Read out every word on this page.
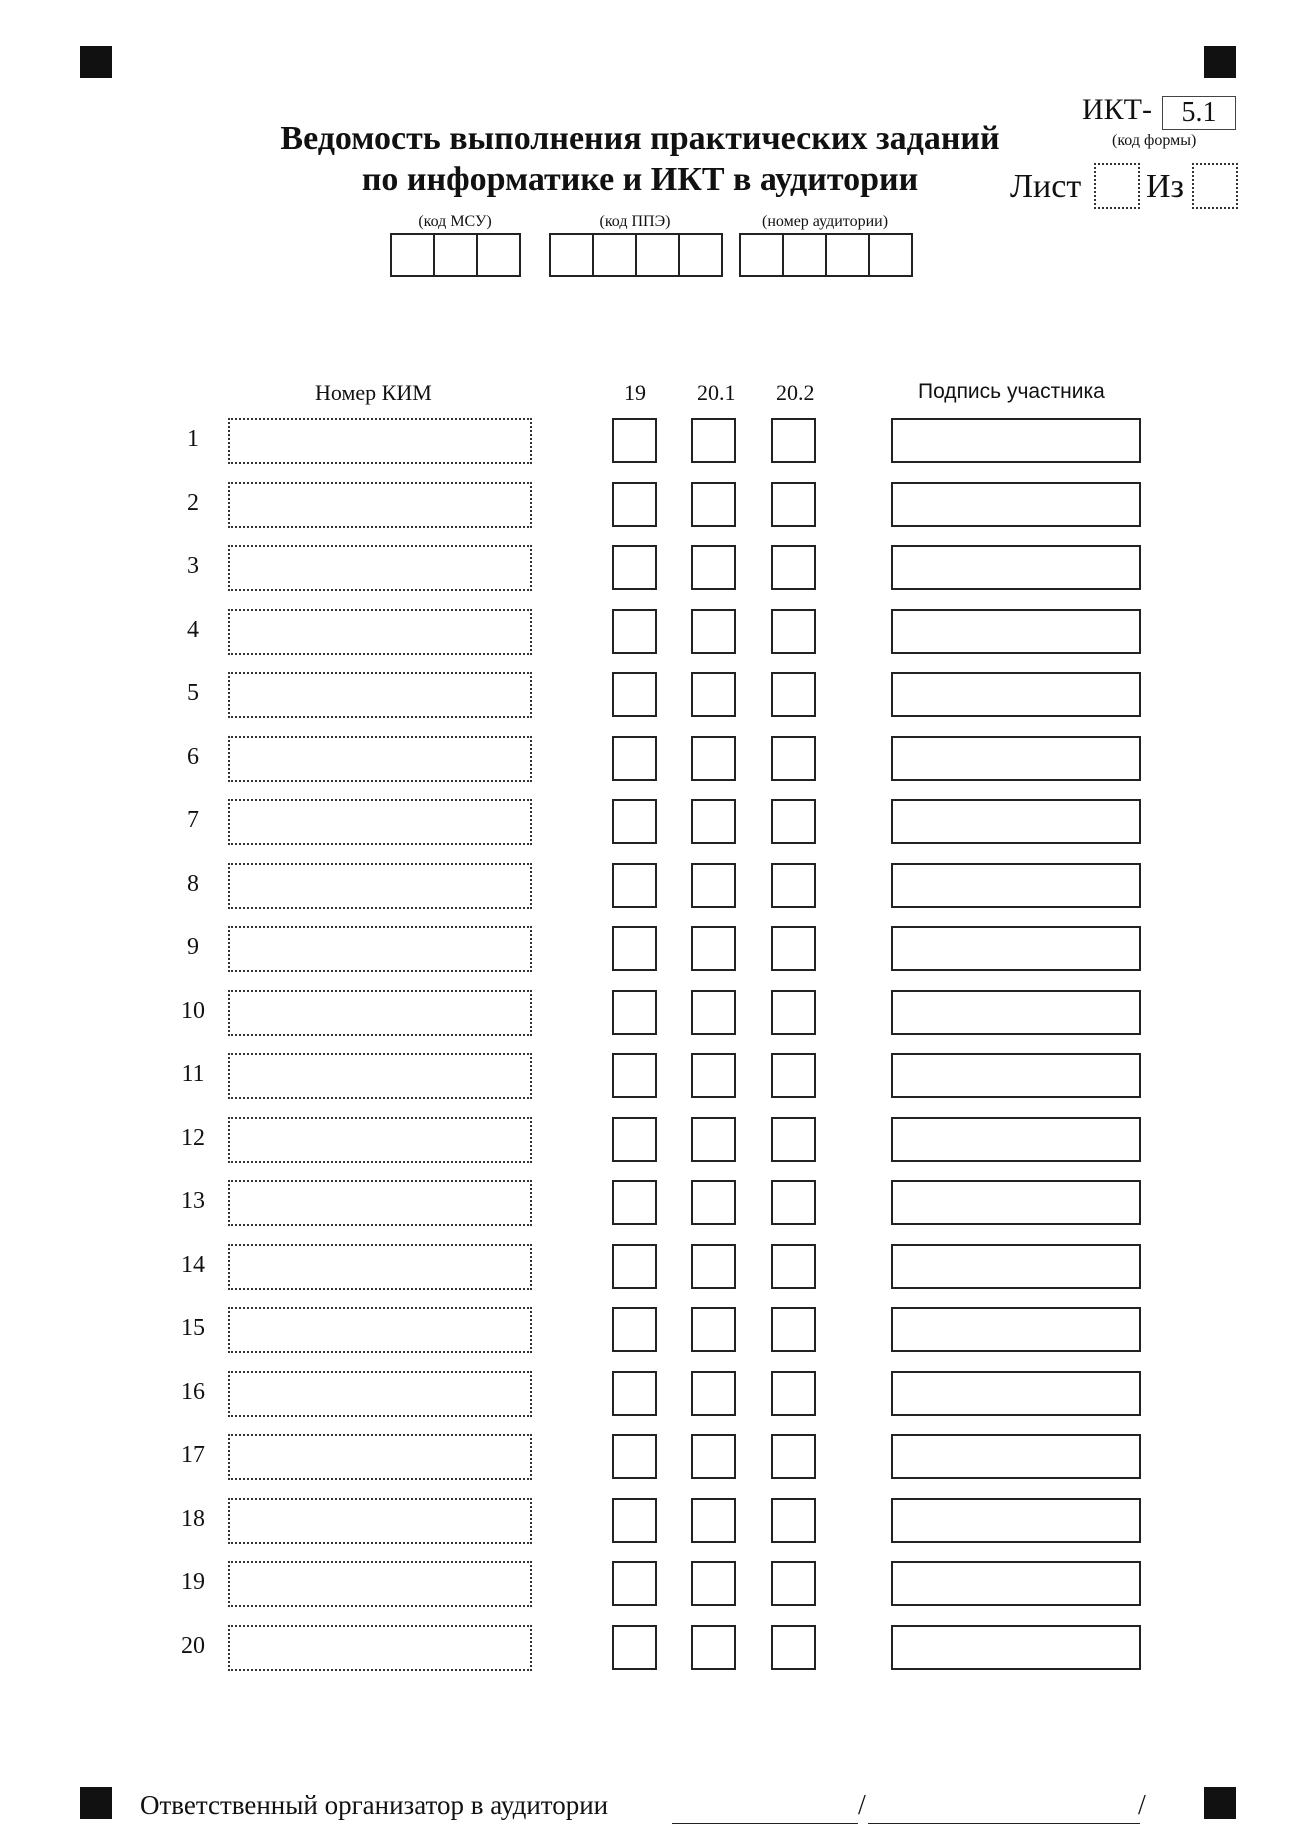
Ведомость выполнения практических заданий
по информатике и ИКТ в аудитории
ИКТ-	5.1
(код формы)
Лист Из
(код МСУ)	(код ППЭ)	(номер аудитории)
Номер КИМ	19 20.1 20.2	Подпись участника
1
2
3
4
5
6
7
8
9
10
11
12
13
14
15
16
17
18
19
20
Ответственный организатор в аудитории	/	/
